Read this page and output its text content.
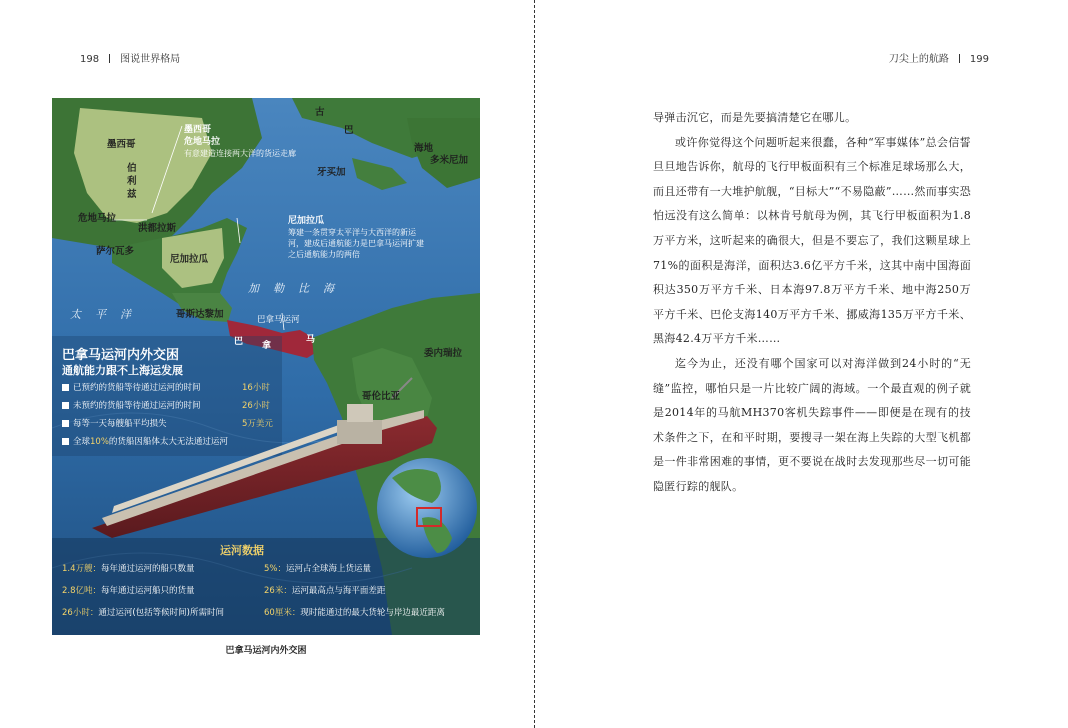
198 图说世界格局
墨西哥
伯利兹
古
巴
海地
多米尼加
牙买加
危地马拉
洪都拉斯
萨尔瓦多
尼加拉瓜
哥斯达黎加
巴 拿
马
委内瑞拉
哥伦比亚
太平洋
加勒比海
墨西哥
危地马拉
有意建造连接两大洋的货运走廊
尼加拉瓜
筹建一条贯穿太平洋与大西洋的新运河，建成后通航能力是巴拿马运河扩建之后通航能力的两倍
巴拿马运河
巴拿马运河内外交困
通航能力跟不上海运发展
已预约的货船等待通过运河的时间	16小时
未预约的货船等待通过运河的时间	26小时
每等一天每艘船平均损失	5万美元
全球10%的货船因船体太大无法通过运河
运河数据
1.4万艘：每年通过运河的船只数量	5%：运河占全球海上货运量
2.8亿吨：每年通过运河船只的货量	26米：运河最高点与海平面差距
26小时：通过运河(包括等候时间)所需时间	60厘米：现时能通过的最大货轮与岸边最近距离
巴拿马运河内外交困
刀尖上的航路 199

导弹击沉它，而是先要搞清楚它在哪儿。

或许你觉得这个问题听起来很蠢，各种“军事媒体”总会信誓旦旦地告诉你，航母的飞行甲板面积有三个标准足球场那么大，而且还带有一大堆护航舰，“目标大”“不易隐蔽”……然而事实恐怕远没有这么简单：以林肯号航母为例，其飞行甲板面积为1.8万平方米，这听起来的确很大，但是不要忘了，我们这颗星球上71%的面积是海洋，面积达3.6亿平方千米，这其中南中国海面积达350万平方千米、日本海97.8万平方千米、地中海250万平方千米、巴伦支海140万平方千米、挪威海135万平方千米、黑海42.4万平方千米……

迄今为止，还没有哪个国家可以对海洋做到24小时的“无缝”监控，哪怕只是一片比较广阔的海域。一个最直观的例子就是2014年的马航MH370客机失踪事件——即便是在现有的技术条件之下，在和平时期，要搜寻一架在海上失踪的大型飞机都是一件非常困难的事情，更不要说在战时去发现那些尽一切可能隐匿行踪的舰队。
